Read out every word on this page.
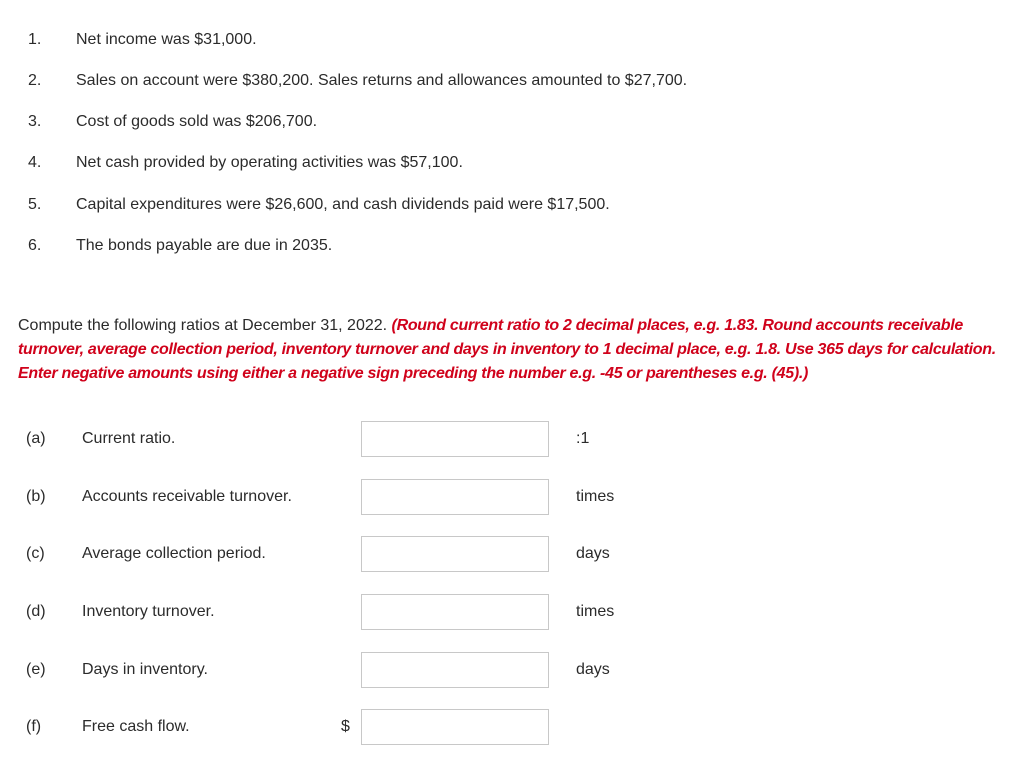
1.	Net income was $31,000.
2.	Sales on account were $380,200. Sales returns and allowances amounted to $27,700.
3.	Cost of goods sold was $206,700.
4.	Net cash provided by operating activities was $57,100.
5.	Capital expenditures were $26,600, and cash dividends paid were $17,500.
6.	The bonds payable are due in 2035.
Compute the following ratios at December 31, 2022. (Round current ratio to 2 decimal places, e.g. 1.83. Round accounts receivable turnover, average collection period, inventory turnover and days in inventory to 1 decimal place, e.g. 1.8. Use 365 days for calculation. Enter negative amounts using either a negative sign preceding the number e.g. -45 or parentheses e.g. (45).)
(a) Current ratio.	:1
(b) Accounts receivable turnover.	times
(c) Average collection period.	days
(d) Inventory turnover.	times
(e) Days in inventory.	days
(f)	Free cash flow.	$
